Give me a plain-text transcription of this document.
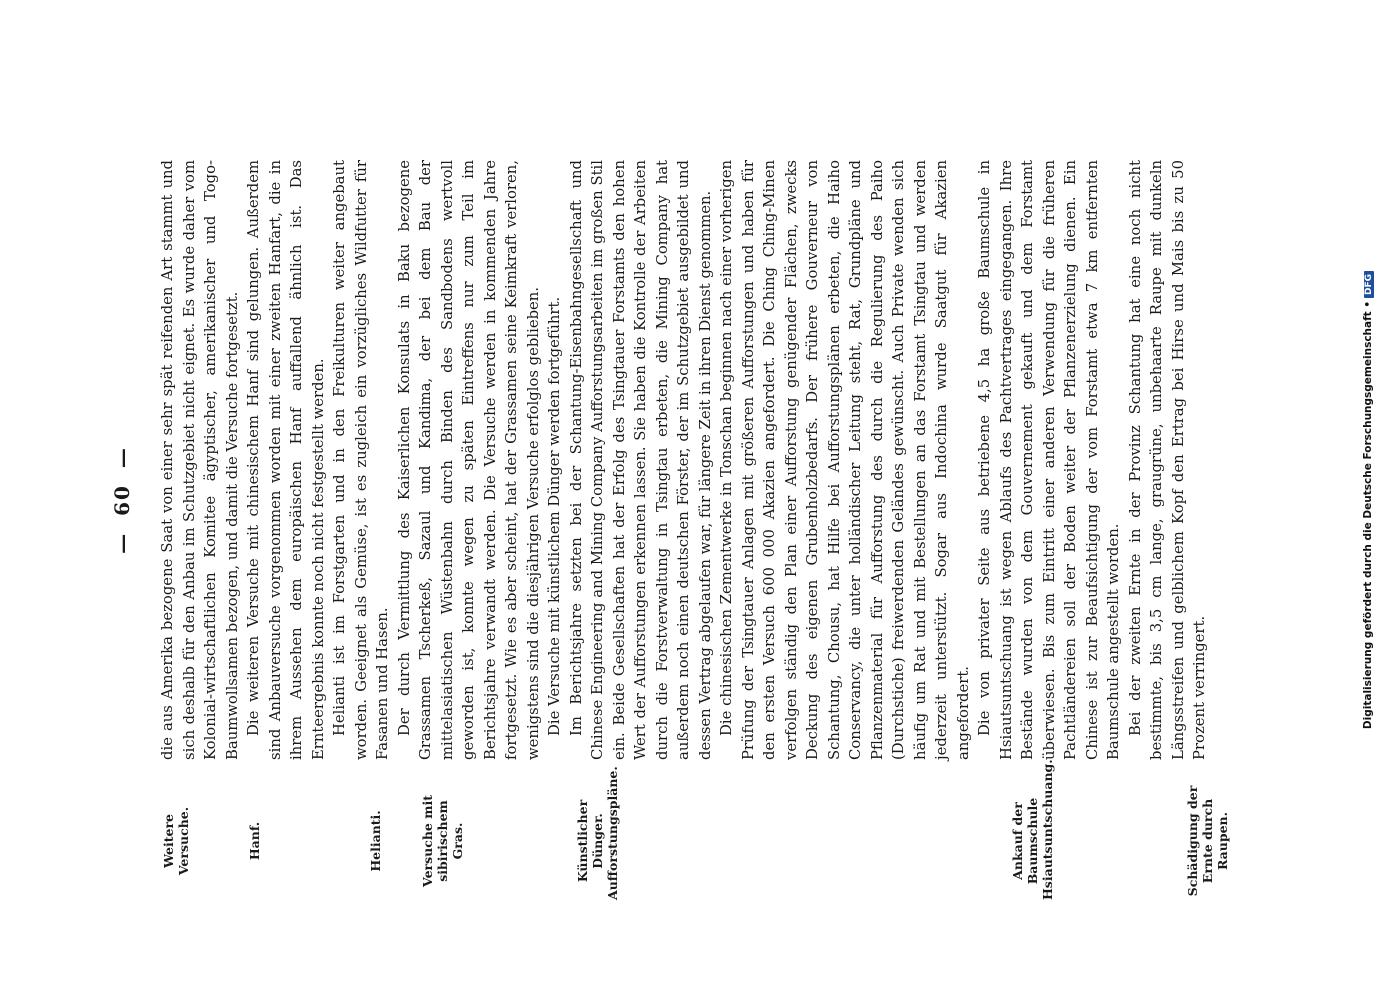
—60—
Weitere Versuche.	Hanf.	Helianti.	Versuche mit sibirischem Gras.	Künstlicher Dünger. Aufforstungspläne.	Ankauf der Baumschule Hsiautsuntschuang.	Schädigung der Ernte durch Raupen.

die aus Amerika bezogene Saat von einer sehr spät reifenden Art stammt und sich deshalb für den Anbau im Schutzgebiet nicht eignet. Es wurde daher vom Kolonial-wirtschaftlichen Komitee ägyptischer, amerikanischer und Togo-Baumwollsamen bezogen, und damit die Versuche fortgesetzt. Die weiteren Versuche mit chinesischem Hanf sind gelungen. Außerdem sind Anbauversuche vorgenommen worden mit einer zweiten Hanfart, die in ihrem Aussehen dem europäischen Hanf auffallend ähnlich ist. Das Ernteergebnis konnte noch nicht festgestellt werden. Helianti ist im Forstgarten und in den Freikulturen weiter angebaut worden. Geeignet als Gemüse, ist es zugleich ein vorzügliches Wildfutter für Fasanen und Hasen. Der durch Vermittlung des Kaiserlichen Konsulats in Baku bezogene Grassamen Tscherkeß, Sazaul und Kandima, der bei dem Bau der mittelasiatischen Wüstenbahn durch Binden des Sandbodens wertvoll geworden ist, konnte wegen zu späten Eintreffens nur zum Teil im Berichtsjahre verwandt werden. Die Versuche werden in kommenden Jahre fortgesetzt. Wie es aber scheint, hat der Grassamen seine Keimkraft verloren, wenigstens sind die diesjährigen Versuche erfolglos geblieben. Die Versuche mit künstlichem Dünger werden fortgeführt. Im Berichtsjahre setzten bei der Schantung-Eisenbahngesellschaft und Chinese Engineering and Mining Company Aufforstungsarbeiten im großen Stil ein. Beide Gesellschaften hat der Erfolg des Tsingtauer Forstamts den hohen Wert der Aufforstungen erkennen lassen. Sie haben die Kontrolle der Arbeiten durch die Forstverwaltung in Tsingtau erbeten, die Mining Company hat außerdem noch einen deutschen Förster, der im Schutzgebiet ausgebildet und dessen Vertrag abgelaufen war, für längere Zeit in ihren Dienst genommen. Die chinesischen Zementwerke in Tonschan beginnen nach einer vorherigen Prüfung der Tsingtauer Anlagen mit größeren Aufforstungen und haben für den ersten Versuch 600 000 Akazien angefordert. Die Ching Ching-Minen verfolgen ständig den Plan einer Aufforstung genügender Flächen, zwecks Deckung des eigenen Grubenholzbedarfs. Der frühere Gouverneur von Schantung, Chousu, hat Hilfe bei Aufforstungsplänen erbeten, die Haiho Conservancy, die unter holländischer Leitung steht, Rat, Grundpläne und Pflanzenmaterial für Aufforstung des durch die Regulierung des Paiho (Durchstiche) freiwerdenden Geländes gewünscht. Auch Private wenden sich häufig um Rat und mit Bestellungen an das Forstamt Tsingtau und werden jederzeit unterstützt. Sogar aus Indochina wurde Saatgut für Akazien angefordert. Die von privater Seite aus betriebene 4,5 ha große Baumschule in Hsiautsuntschuang ist wegen Ablaufs des Pachtvertrages eingegangen. Ihre Bestände wurden von dem Gouvernement gekauft und dem Forstamt überwiesen. Bis zum Eintritt einer anderen Verwendung für die früheren Pachtländereien soll der Boden weiter der Pflanzenerzielung dienen. Ein Chinese ist zur Beaufsichtigung der vom Forstamt etwa 7 km entfernten Baumschule angestellt worden. Bei der zweiten Ernte in der Provinz Schantung hat eine noch nicht bestimmte, bis 3,5 cm lange, graugrüne, unbehaarte Raupe mit dunkeln Längsstreifen und gelblichem Kopf den Ertrag bei Hirse und Mais bis zu 50 Prozent verringert.	Digitalisierung gefördert durch die Deutsche Forschungsgemeinschaft •DFG
